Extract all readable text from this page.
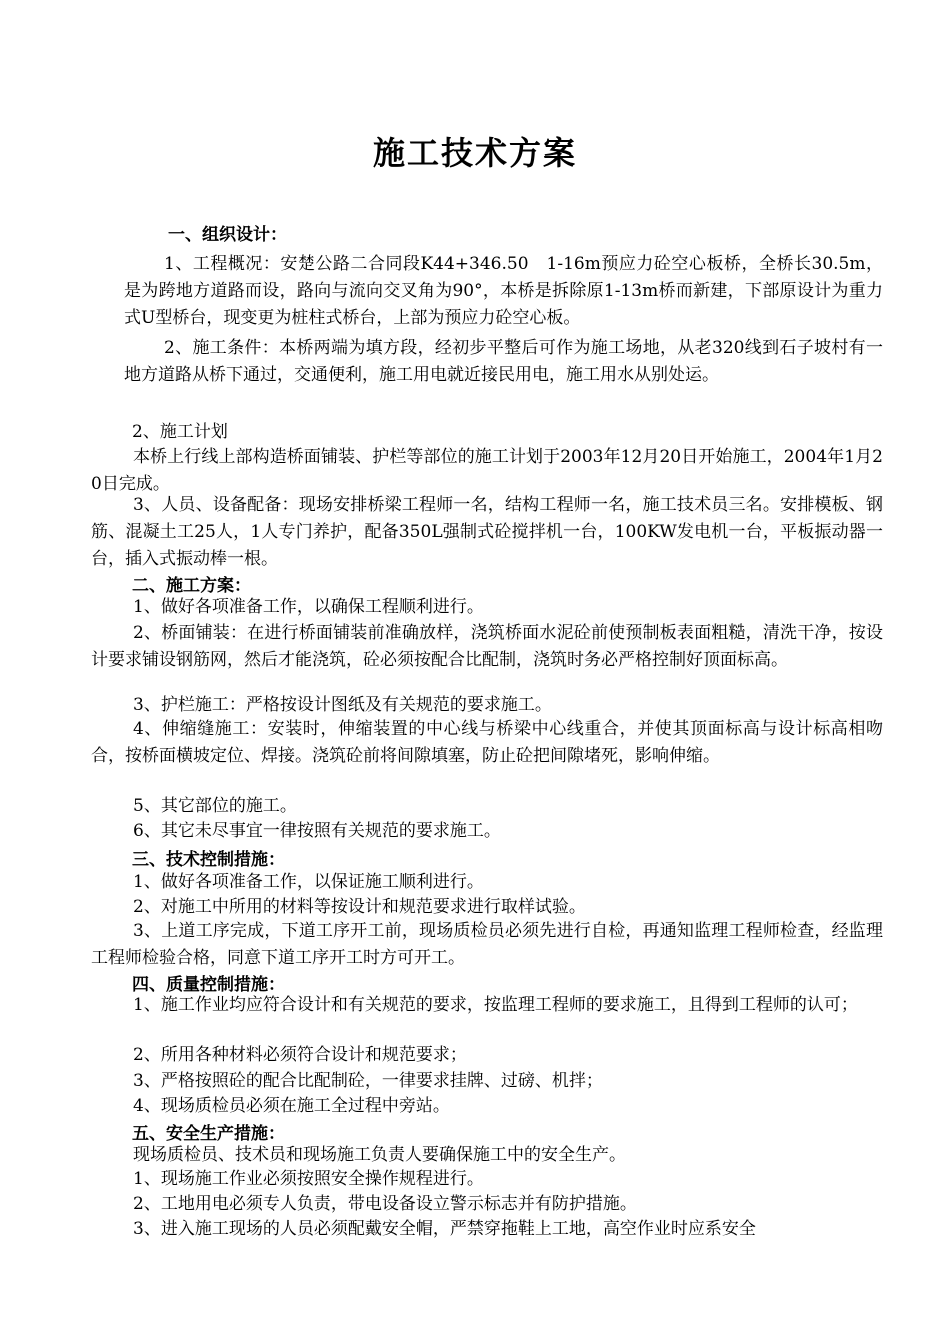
施工技术方案
一、组织设计：
1、工程概况：安楚公路二合同段K44+346.50　1-16m预应力砼空心板桥，全桥长30.5m，是为跨地方道路而设，路向与流向交叉角为90°，本桥是拆除原1-13m桥而新建，下部原设计为重力式U型桥台，现变更为桩柱式桥台，上部为预应力砼空心板。
2、施工条件：本桥两端为填方段，经初步平整后可作为施工场地，从老320线到石子坡村有一地方道路从桥下通过，交通便利，施工用电就近接民用电，施工用水从别处运。
2、施工计划
本桥上行线上部构造桥面铺装、护栏等部位的施工计划于2003年12月20日开始施工，2004年1月20日完成。
3、人员、设备配备：现场安排桥梁工程师一名，结构工程师一名，施工技术员三名。安排模板、钢筋、混凝土工25人，1人专门养护，配备350L强制式砼搅拌机一台，100KW发电机一台，平板振动器一台，插入式振动棒一根。
二、施工方案：
1、做好各项准备工作，以确保工程顺利进行。
2、桥面铺装：在进行桥面铺装前准确放样，浇筑桥面水泥砼前使预制板表面粗糙，清洗干净，按设计要求铺设钢筋网，然后才能浇筑，砼必须按配合比配制，浇筑时务必严格控制好顶面标高。
3、护栏施工：严格按设计图纸及有关规范的要求施工。
4、伸缩缝施工：安装时，伸缩装置的中心线与桥梁中心线重合，并使其顶面标高与设计标高相吻合，按桥面横坡定位、焊接。浇筑砼前将间隙填塞，防止砼把间隙堵死，影响伸缩。
5、其它部位的施工。
6、其它未尽事宜一律按照有关规范的要求施工。
三、技术控制措施：
1、做好各项准备工作，以保证施工顺利进行。
2、对施工中所用的材料等按设计和规范要求进行取样试验。
3、上道工序完成，下道工序开工前，现场质检员必须先进行自检，再通知监理工程师检查，经监理工程师检验合格，同意下道工序开工时方可开工。
四、质量控制措施：
1、施工作业均应符合设计和有关规范的要求，按监理工程师的要求施工，且得到工程师的认可；
2、所用各种材料必须符合设计和规范要求；
3、严格按照砼的配合比配制砼，一律要求挂牌、过磅、机拌；
4、现场质检员必须在施工全过程中旁站。
五、安全生产措施：
现场质检员、技术员和现场施工负责人要确保施工中的安全生产。
1、现场施工作业必须按照安全操作规程进行。
2、工地用电必须专人负责，带电设备设立警示标志并有防护措施。
3、进入施工现场的人员必须配戴安全帽，严禁穿拖鞋上工地，高空作业时应系安全
